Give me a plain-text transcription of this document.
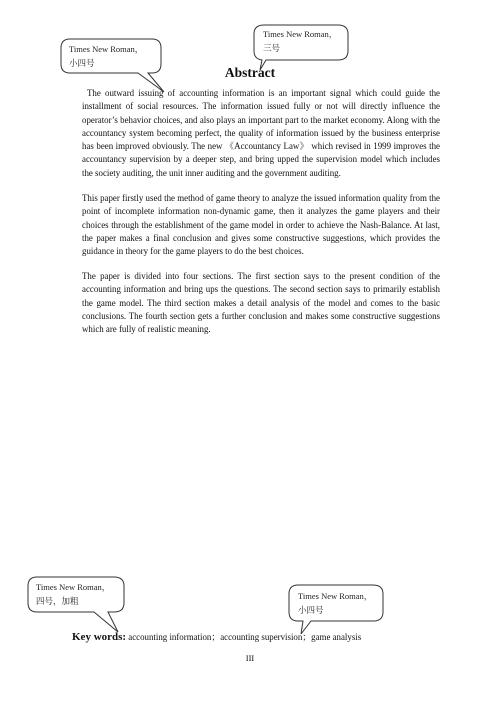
Times New Roman，
三号
Times New Roman，
小四号
Abstract

The outward issuing of accounting information is an important signal which could guide the installment of social resources. The information issued fully or not will directly influence the operator’s behavior choices, and also plays an important part to the market economy. Along with the accountancy system becoming perfect, the quality of information issued by the business enterprise has been improved obviously. The new 《Accountancy Law》 which revised in 1999 improves the accountancy supervision by a deeper step, and bring upped the supervision model which includes the society auditing, the unit inner auditing and the government auditing.

This paper firstly used the method of game theory to analyze the issued information quality from the point of incomplete information non-dynamic game, then it analyzes the game players and their choices through the establishment of the game model in order to achieve the Nash-Balance. At last, the paper makes a final conclusion and gives some constructive suggestions, which provides the guidance in theory for the game players to do the best choices.

The paper is divided into four sections. The first section says to the present condition of the accounting information and bring ups the questions. The second section says to primarily establish the game model. The third section makes a detail analysis of the model and comes to the basic conclusions. The fourth section gets a further conclusion and makes some constructive suggestions which are fully of realistic meaning.

Times New Roman，
四号，加粗	Times New Roman，
小四号
Key words: accounting information；accounting supervision；game analysis
III
